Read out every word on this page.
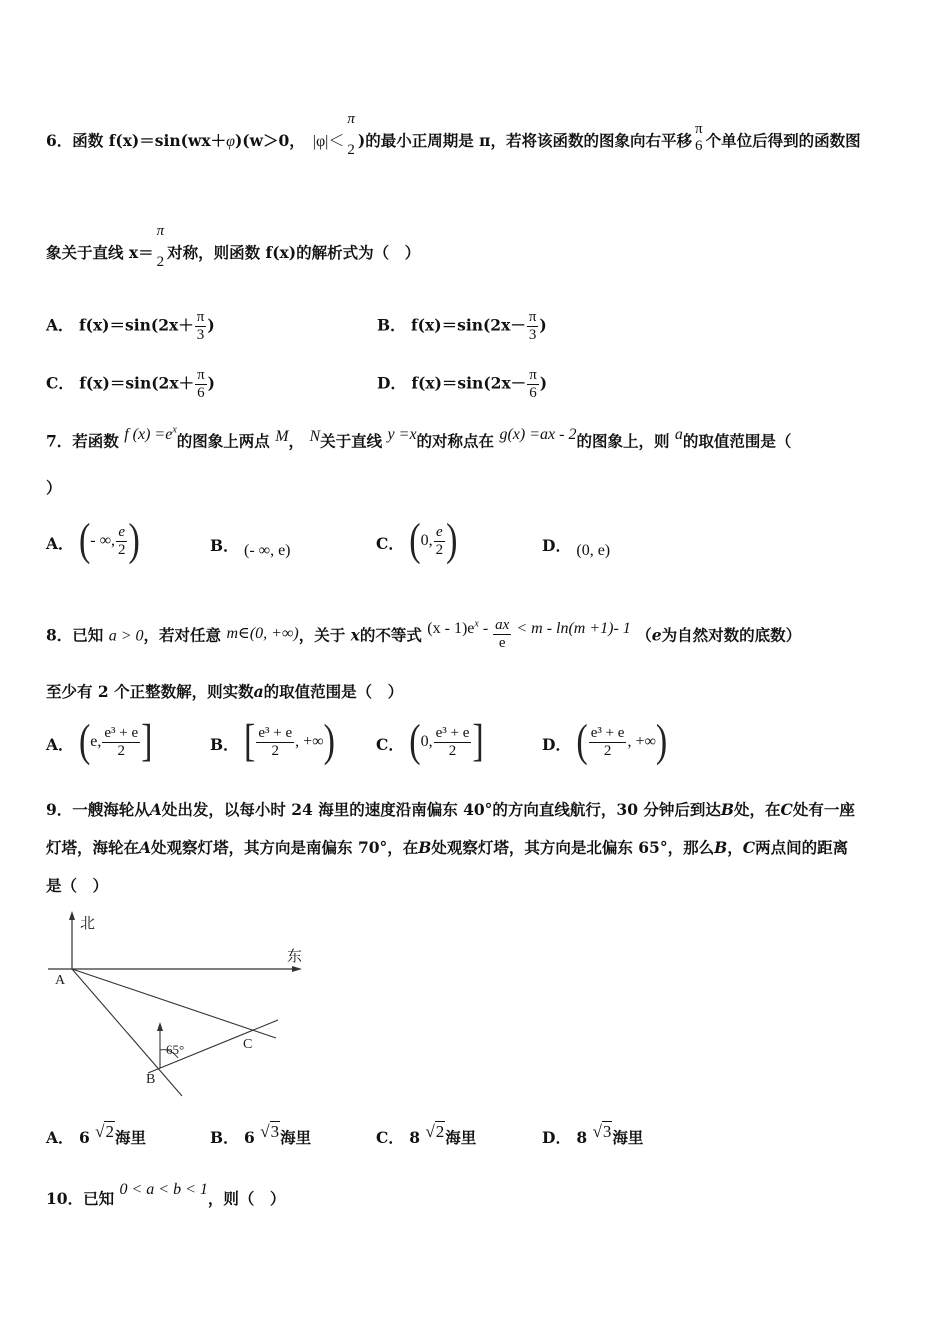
6．函数 f(x)＝sin(wx＋φ)(w＞0， |φ|＜
π
2 )的最小正周期是 π，若将该函数的图象向右平移
π
6 个单位后得到的函数图
象关于直线 x＝
π
2 对称，则函数 f(x)的解析式为（　）
A． $f(x)=\sin(2x+ \frac{\pi}{3}$ )	B． $f(x)=\sin(2x- \frac{\pi}{3}$ )
C． $f(x)=\sin(2x+ \frac{\pi}{6}$ )	D． $f(x)=\sin(2x- \frac{\pi}{6}$ )
7．若函数 f $(x) =e^x$的图象上两点 M， N关于直线 y =x的对称点在 g(x) =ax - 2的图象上，则 a的取值范围是（
）
A． (- ∞, $\frac{e}{2}$ )	B． (- ∞, e)	C． (0, $\frac{e}{2}$ )	D． (0, e)
8．已知 a > 0，若对任意 m∈(0, +∞)，关于 x的不等式 $(x - 1)e^x - \frac{ax}{e} < m - \ln(m +1)-$ 1 （e为自然对数的底数）
至少有 2 个正整数解，则实数a的取值范围是（　）
A． (e, $\frac{\text{e³ + e}}{2}$ ]	B． [ $\frac{\text{e³ + e}}{2}$ , +∞)	C． (0, $\frac{\text{e³ + e}}{2}$ ]	D． ( $\frac{\text{e³ + e}}{2}$ , +∞)
9．一艘海轮从A处出发，以每小时 24 海里的速度沿南偏东 40°的方向直线航行，30 分钟后到达B处，在C处有一座
灯塔，海轮在A处观察灯塔，其方向是南偏东 70°，在B处观察灯塔，其方向是北偏东 65°，那么B，C两点间的距离
是（　）
北
东
A
B
C
65°
A． 6 √2海里	B． 6 √3海里	C． 8 √2海里	D． 8 √3海里
10．已知 0 < a < b < 1，则（　）
